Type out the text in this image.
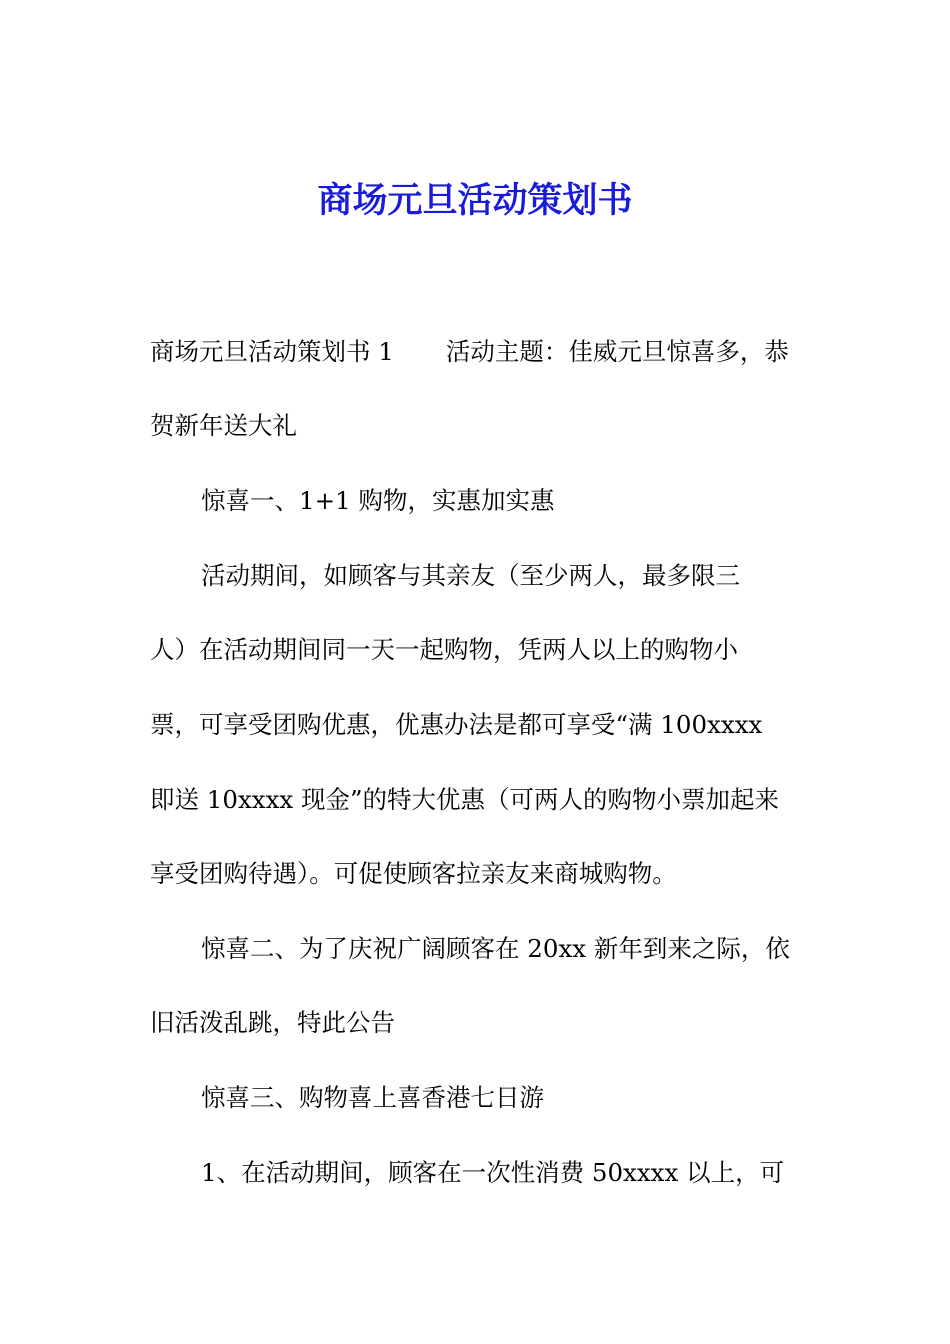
商场元旦活动策划书
商场元旦活动策划书 1 活动主题：佳威元旦惊喜多，恭
贺新年送大礼
惊喜一、1+1 购物，实惠加实惠
活动期间，如顾客与其亲友（至少两人，最多限三
人）在活动期间同一天一起购物，凭两人以上的购物小
票，可享受团购优惠，优惠办法是都可享受“满 100xxxx
即送 10xxxx 现金”的特大优惠（可两人的购物小票加起来
享受团购待遇）。可促使顾客拉亲友来商城购物。
惊喜二、为了庆祝广阔顾客在 20xx 新年到来之际，依
旧活泼乱跳，特此公告
惊喜三、购物喜上喜香港七日游
1、在活动期间，顾客在一次性消费 50xxxx 以上，可
